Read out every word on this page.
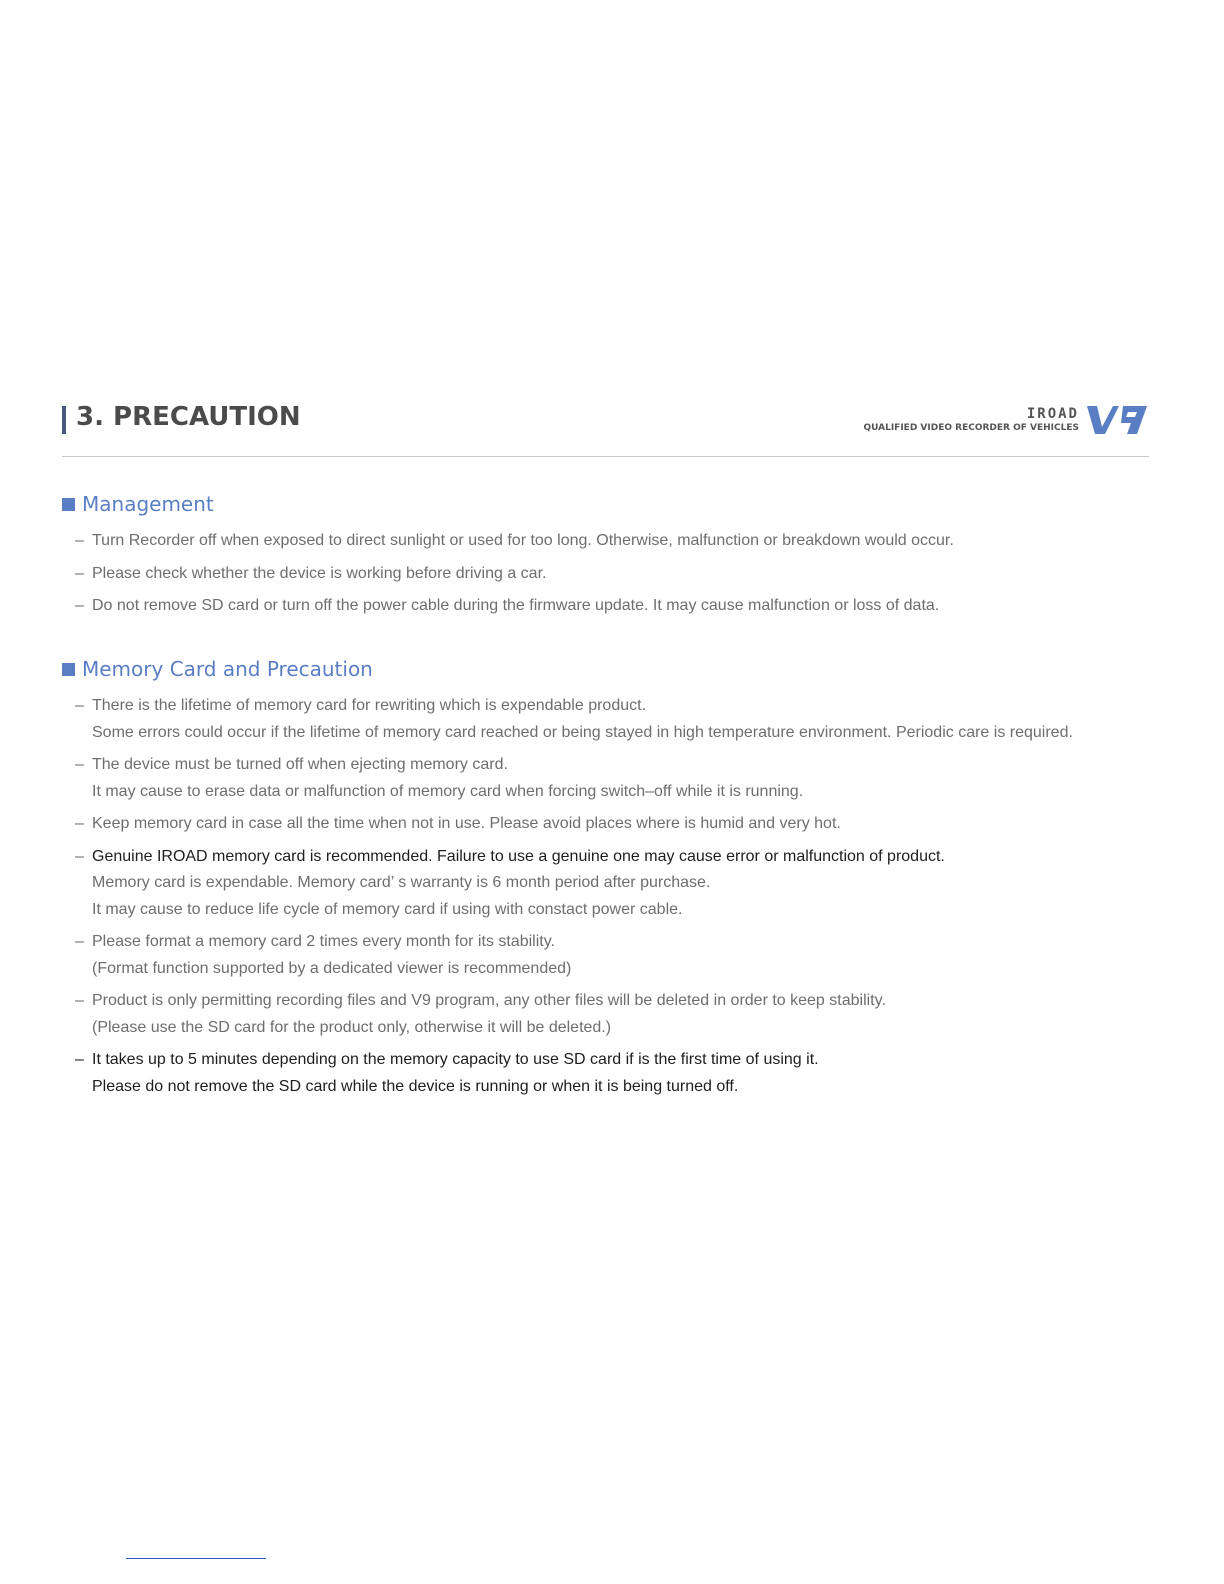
3. PRECAUTION	IROAD
QUALIFIED VIDEO RECORDER OF VEHICLES
Management
– Turn Recorder off when exposed to direct sunlight or used for too long. Otherwise, malfunction or breakdown would occur.
– Please check whether the device is working before driving a car.
– Do not remove SD card or turn off the power cable during the firmware update. It may cause malfunction or loss of data.
Memory Card and Precaution
– There is the lifetime of memory card for rewriting which is expendable product.
Some errors could occur if the lifetime of memory card reached or being stayed in high temperature environment. Periodic care is required.
– The device must be turned off when ejecting memory card.
It may cause to erase data or malfunction of memory card when forcing switch–off while it is running.
– Keep memory card in case all the time when not in use. Please avoid places where is humid and very hot.
– Genuine IROAD memory card is recommended. Failure to use a genuine one may cause error or malfunction of product.
Memory card is expendable. Memory card’ s warranty is 6 month period after purchase.
It may cause to reduce life cycle of memory card if using with constact power cable.
– Please format a memory card 2 times every month for its stability.
(Format function supported by a dedicated viewer is recommended)
– Product is only permitting recording files and V9 program, any other files will be deleted in order to keep stability.
(Please use the SD card for the product only, otherwise it will be deleted.)
– It takes up to 5 minutes depending on the memory capacity to use SD card if is the first time of using it.
Please do not remove the SD card while the device is running or when it is being turned off.
